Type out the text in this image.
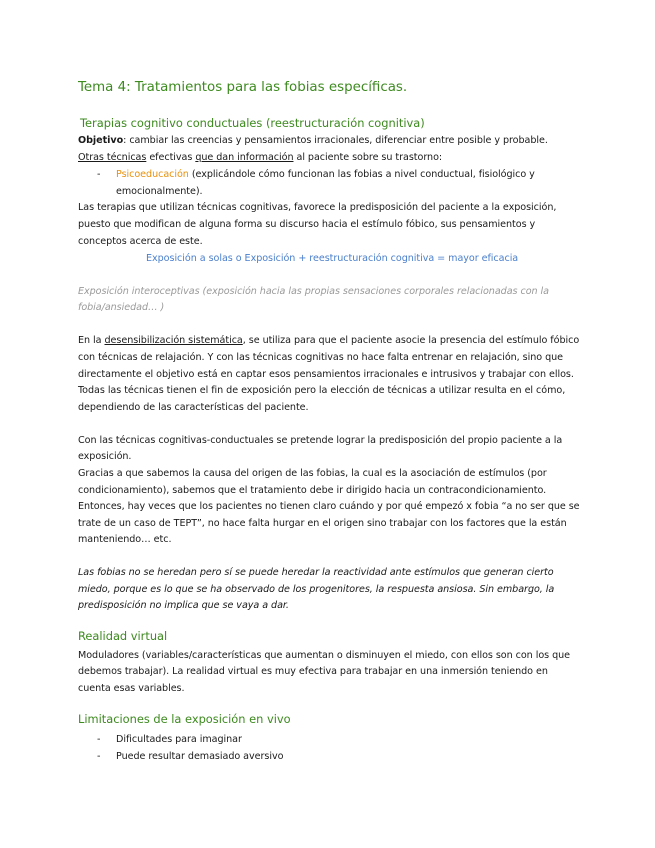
Tema 4: Tratamientos para las fobias específicas.
Terapias cognitivo conductuales (reestructuración cognitiva)
Objetivo: cambiar las creencias y pensamientos irracionales, diferenciar entre posible y probable.
Otras técnicas efectivas que dan información al paciente sobre su trastorno:
- Psicoeducación (explicándole cómo funcionan las fobias a nivel conductual, fisiológico y
emocionalmente).
Las terapias que utilizan técnicas cognitivas, favorece la predisposición del paciente a la exposición,
puesto que modifican de alguna forma su discurso hacia el estímulo fóbico, sus pensamientos y
conceptos acerca de este.
Exposición a solas o Exposición + reestructuración cognitiva = mayor eficacia
Exposición interoceptivas (exposición hacia las propias sensaciones corporales relacionadas con la
fobia/ansiedad… )
En la desensibilización sistemática, se utiliza para que el paciente asocie la presencia del estímulo fóbico
con técnicas de relajación. Y con las técnicas cognitivas no hace falta entrenar en relajación, sino que
directamente el objetivo está en captar esos pensamientos irracionales e intrusivos y trabajar con ellos.
Todas las técnicas tienen el fin de exposición pero la elección de técnicas a utilizar resulta en el cómo,
dependiendo de las características del paciente.
Con las técnicas cognitivas-conductuales se pretende lograr la predisposición del propio paciente a la
exposición.
Gracias a que sabemos la causa del origen de las fobias, la cual es la asociación de estímulos (por
condicionamiento), sabemos que el tratamiento debe ir dirigido hacia un contracondicionamiento.
Entonces, hay veces que los pacientes no tienen claro cuándo y por qué empezó x fobia “a no ser que se
trate de un caso de TEPT”, no hace falta hurgar en el origen sino trabajar con los factores que la están
manteniendo… etc.
Las fobias no se heredan pero sí se puede heredar la reactividad ante estímulos que generan cierto
miedo, porque es lo que se ha observado de los progenitores, la respuesta ansiosa. Sin embargo, la
predisposición no implica que se vaya a dar.
Realidad virtual
Moduladores (variables/características que aumentan o disminuyen el miedo, con ellos son con los que
debemos trabajar). La realidad virtual es muy efectiva para trabajar en una inmersión teniendo en
cuenta esas variables.
Limitaciones de la exposición en vivo
- Dificultades para imaginar
- Puede resultar demasiado aversivo
